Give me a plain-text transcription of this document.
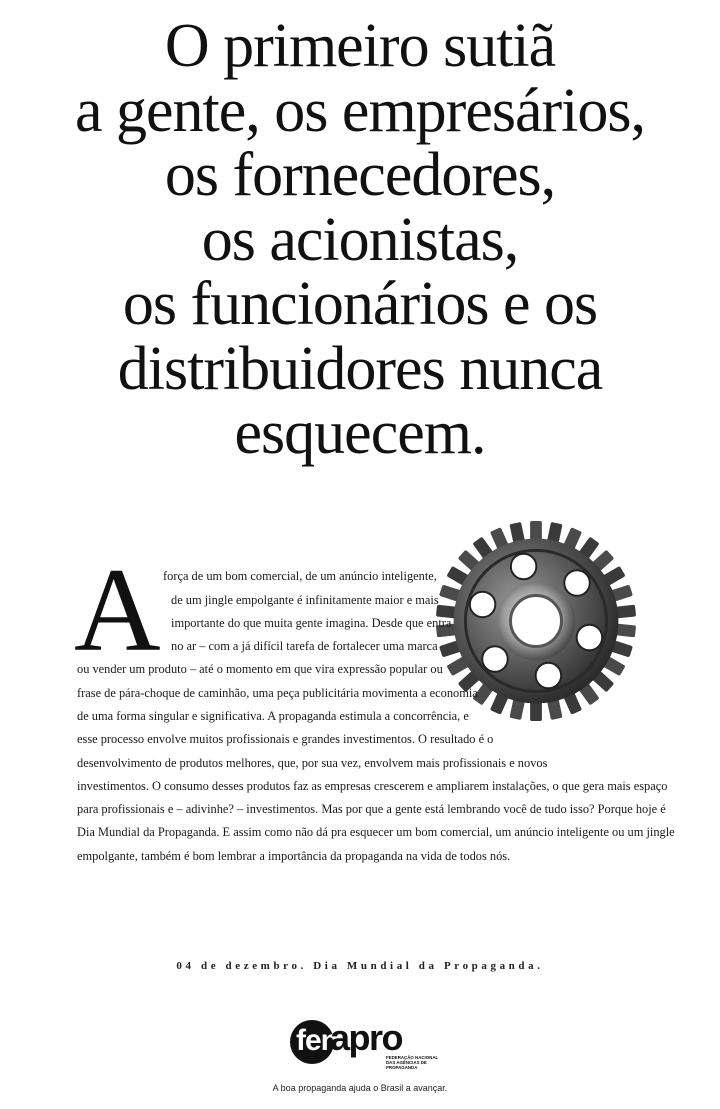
O primeiro sutiã
a gente, os empresários,
os fornecedores,
os acionistas,
os funcionários e os
distribuidores nunca
esquecem.
A força de um bom comercial, de um anúncio inteligente,
de um jingle empolgante é infinitamente maior e mais
importante do que muita gente imagina. Desde que entra
no ar – com a já difícil tarefa de fortalecer uma marca
ou vender um produto – até o momento em que vira expressão popular ou
frase de pára-choque de caminhão, uma peça publicitária movimenta a economia
de uma forma singular e significativa. A propaganda estimula a concorrência, e
esse processo envolve muitos profissionais e grandes investimentos. O resultado é o
desenvolvimento de produtos melhores, que, por sua vez, envolvem mais profissionais e novos
investimentos. O consumo desses produtos faz as empresas crescerem e ampliarem instalações, o que gera mais espaço
para profissionais e – adivinhe? – investimentos. Mas por que a gente está lembrando você de tudo isso? Porque hoje é
Dia Mundial da Propaganda. E assim como não dá pra esquecer um bom comercial, um anúncio inteligente ou um jingle
empolgante, também é bom lembrar a importância da propaganda na vida de todos nós.
04 de dezembro. Dia Mundial da Propaganda.
fen
apro
FEDERAÇÃO NACIONAL DAS AGÊNCIAS DE PROPAGANDA
A boa propaganda ajuda o Brasil a avançar.
